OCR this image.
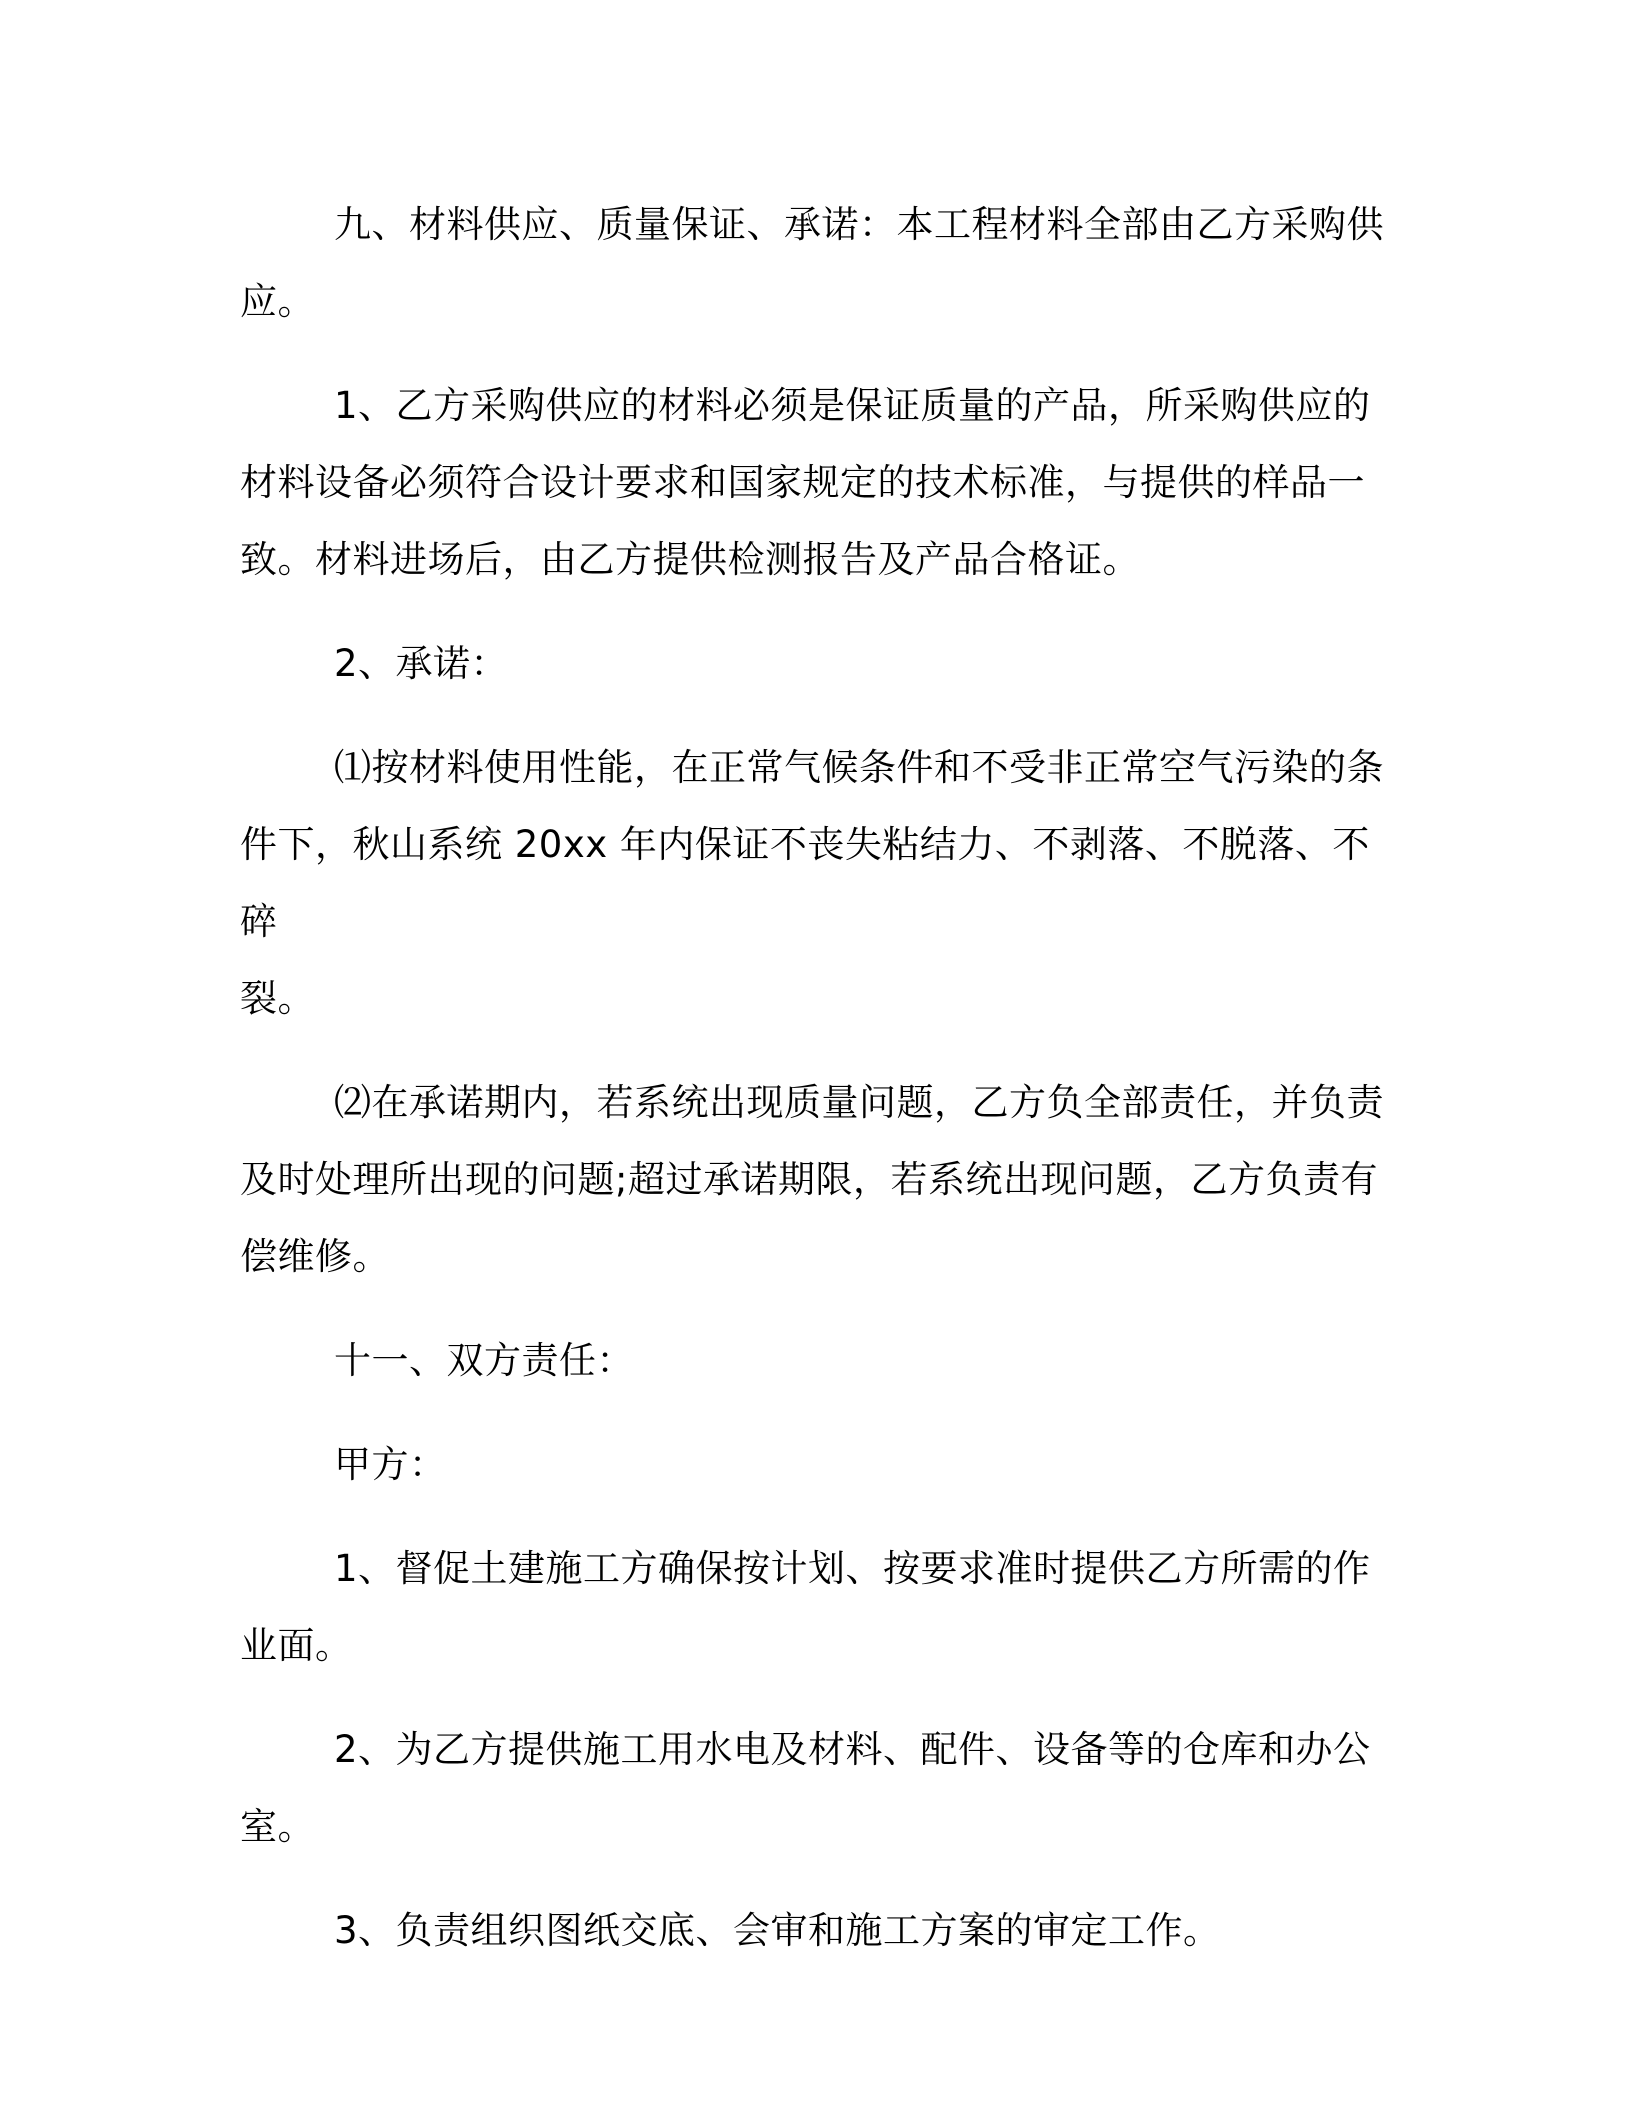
九、材料供应、质量保证、承诺：本工程材料全部由乙方采购供
应。

1、乙方采购供应的材料必须是保证质量的产品，所采购供应的
材料设备必须符合设计要求和国家规定的技术标准，与提供的样品一
致。材料进场后，由乙方提供检测报告及产品合格证。

2、承诺：

⑴按材料使用性能，在正常气候条件和不受非正常空气污染的条
件下，秋山系统 20xx 年内保证不丧失粘结力、不剥落、不脱落、不碎
裂。

⑵在承诺期内，若系统出现质量问题，乙方负全部责任，并负责
及时处理所出现的问题;超过承诺期限，若系统出现问题，乙方负责有
偿维修。

十一、双方责任：

甲方：

1、督促土建施工方确保按计划、按要求准时提供乙方所需的作
业面。

2、为乙方提供施工用水电及材料、配件、设备等的仓库和办公
室。

3、负责组织图纸交底、会审和施工方案的审定工作。
